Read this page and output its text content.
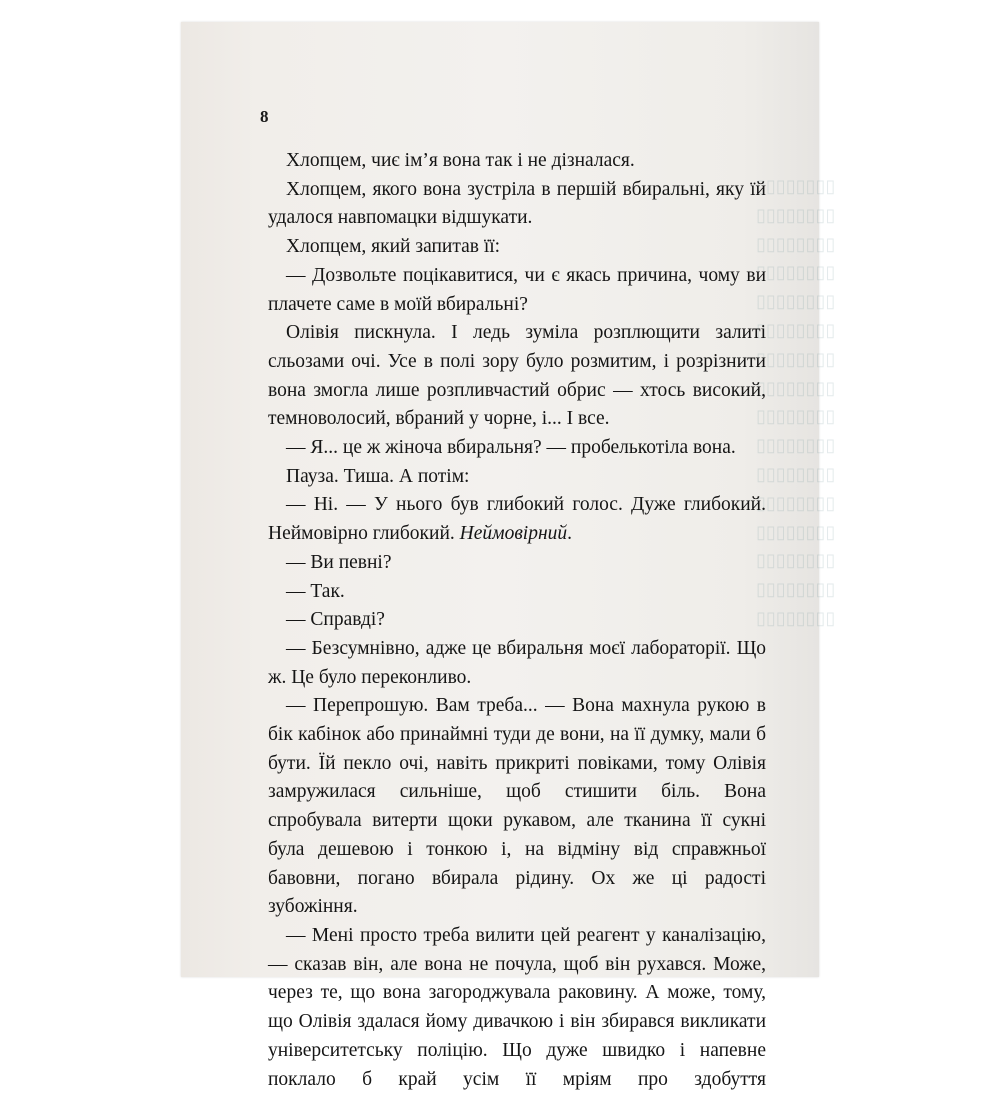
▯▯▯▯▯▯▯▯
▯▯▯▯▯▯▯▯
▯▯▯▯▯▯▯▯
▯▯▯▯▯▯▯▯
▯▯▯▯▯▯▯▯
▯▯▯▯▯▯▯▯
▯▯▯▯▯▯▯▯
▯▯▯▯▯▯▯▯
▯▯▯▯▯▯▯▯
▯▯▯▯▯▯▯▯
▯▯▯▯▯▯▯▯
▯▯▯▯▯▯▯▯
▯▯▯▯▯▯▯▯
▯▯▯▯▯▯▯▯
▯▯▯▯▯▯▯▯
▯▯▯▯▯▯▯▯
8

Хлопцем, чиє ім’я вона так і не дізналася.

Хлопцем, якого вона зустріла в першій вбиральні, яку їй удалося навпомацки відшукати.

Хлопцем, який запитав її:

— Дозвольте поцікавитися, чи є якась причина, чому ви плачете саме в моїй вбиральні?

Олівія пискнула. І ледь зуміла розплющити залиті сльозами очі. Усе в полі зору було розмитим, і розрізнити вона змогла лише розпливчастий обрис — хтось високий, темноволосий, вбраний у чорне, і... І все.

— Я... це ж жіноча вбиральня? — пробелькотіла вона.

Пауза. Тиша. А потім:

— Ні. — У нього був глибокий голос. Дуже глибокий. Неймовірно глибокий. Неймовірний.

— Ви певні?

— Так.

— Справді?

— Безсумнівно, адже це вбиральня моєї лабораторії. Що ж. Це було переконливо.

— Перепрошую. Вам треба... — Вона махнула рукою в бік кабінок або принаймні туди де вони, на її думку, мали б бути. Їй пекло очі, навіть прикриті повіками, тому Олівія замружилася сильніше, щоб стишити біль. Вона спробувала витерти щоки рукавом, але тканина її сукні була дешевою і тонкою і, на відміну від справжньої бавовни, погано вбирала рідину. Ох же ці радості зубожіння.

— Мені просто треба вилити цей реагент у каналізацію, — сказав він, але вона не почула, щоб він рухався. Може, через те, що вона загороджувала раковину. А може, тому, що Олівія здалася йому дивачкою і він збирався викликати університетську поліцію. Що дуже швидко і напевне поклало б край усім її мріям про здобуття
